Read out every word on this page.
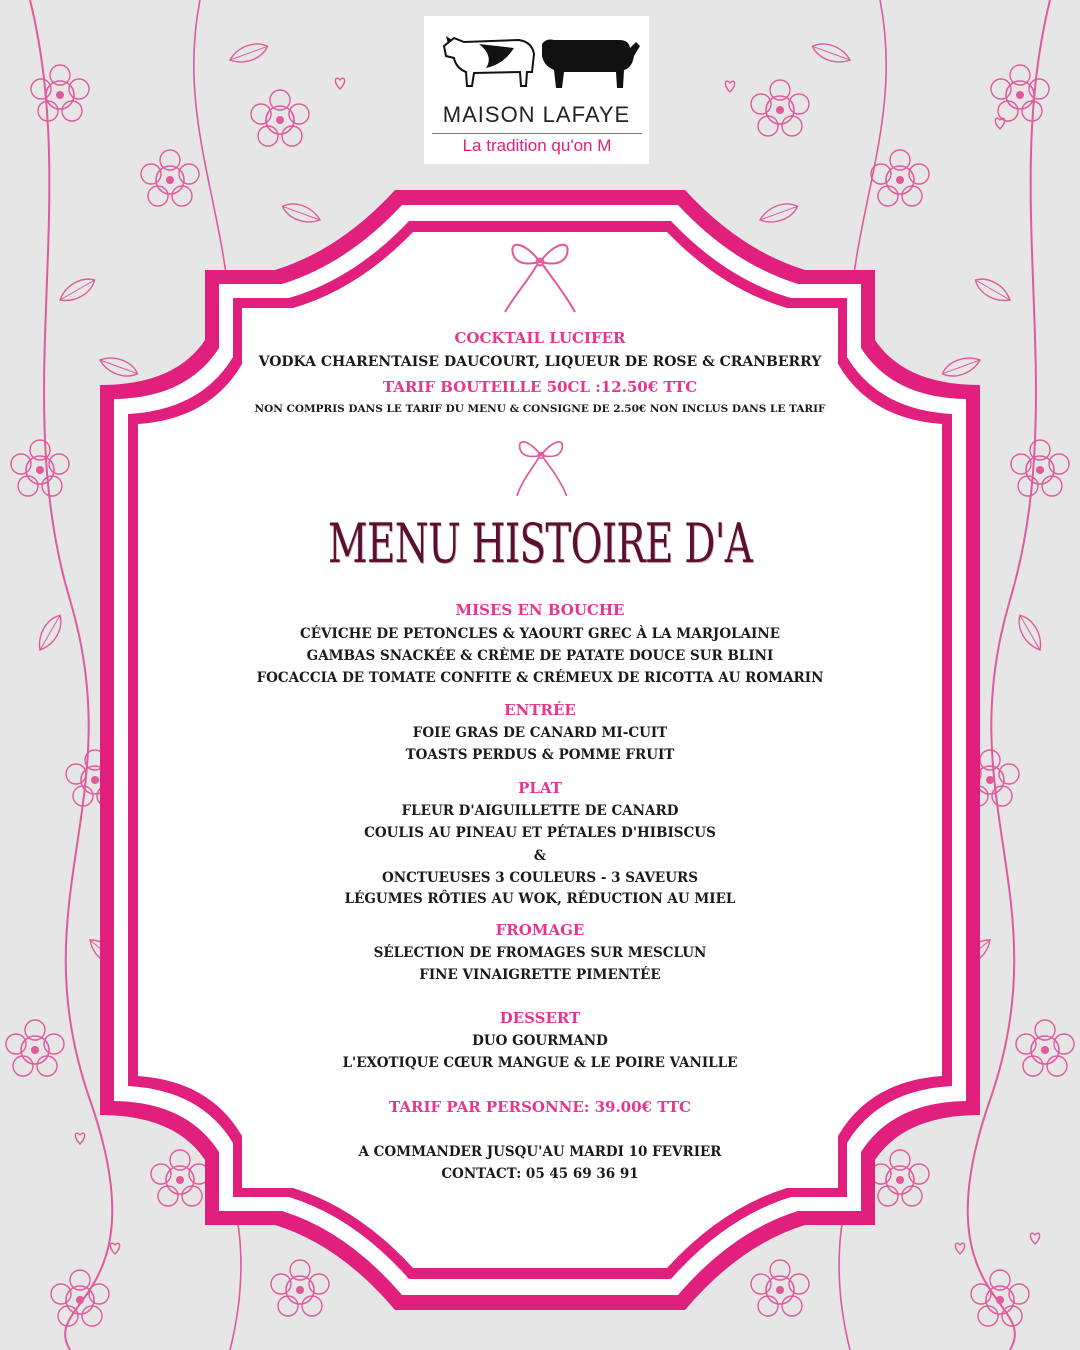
MAISON LAFAYE
La tradition qu'on M
COCKTAIL LUCIFER
VODKA CHARENTAISE DAUCOURT, LIQUEUR DE ROSE & CRANBERRY
TARIF BOUTEILLE 50CL :12.50€ TTC
NON COMPRIS DANS LE TARIF DU MENU & CONSIGNE DE 2.50€ NON INCLUS DANS LE TARIF
MENU HISTOIRE D'A
MISES EN BOUCHE
CÉVICHE DE PETONCLES & YAOURT GREC À LA MARJOLAINE
GAMBAS SNACKÉE & CRÈME DE PATATE DOUCE SUR BLINI
FOCACCIA DE TOMATE CONFITE & CRÉMEUX DE RICOTTA AU ROMARIN
ENTRÉE
FOIE GRAS DE CANARD MI-CUIT
TOASTS PERDUS & POMME FRUIT
PLAT
FLEUR D'AIGUILLETTE DE CANARD
COULIS AU PINEAU ET PÉTALES D'HIBISCUS
&
ONCTUEUSES 3 COULEURS - 3 SAVEURS
LÉGUMES RÔTIES AU WOK, RÉDUCTION AU MIEL
FROMAGE
SÉLECTION DE FROMAGES SUR MESCLUN
FINE VINAIGRETTE PIMENTÉE
DESSERT
DUO GOURMAND
L'EXOTIQUE CŒUR MANGUE & LE POIRE VANILLE
TARIF PAR PERSONNE: 39.00€ TTC
A COMMANDER JUSQU'AU MARDI 10 FEVRIER
CONTACT: 05 45 69 36 91
